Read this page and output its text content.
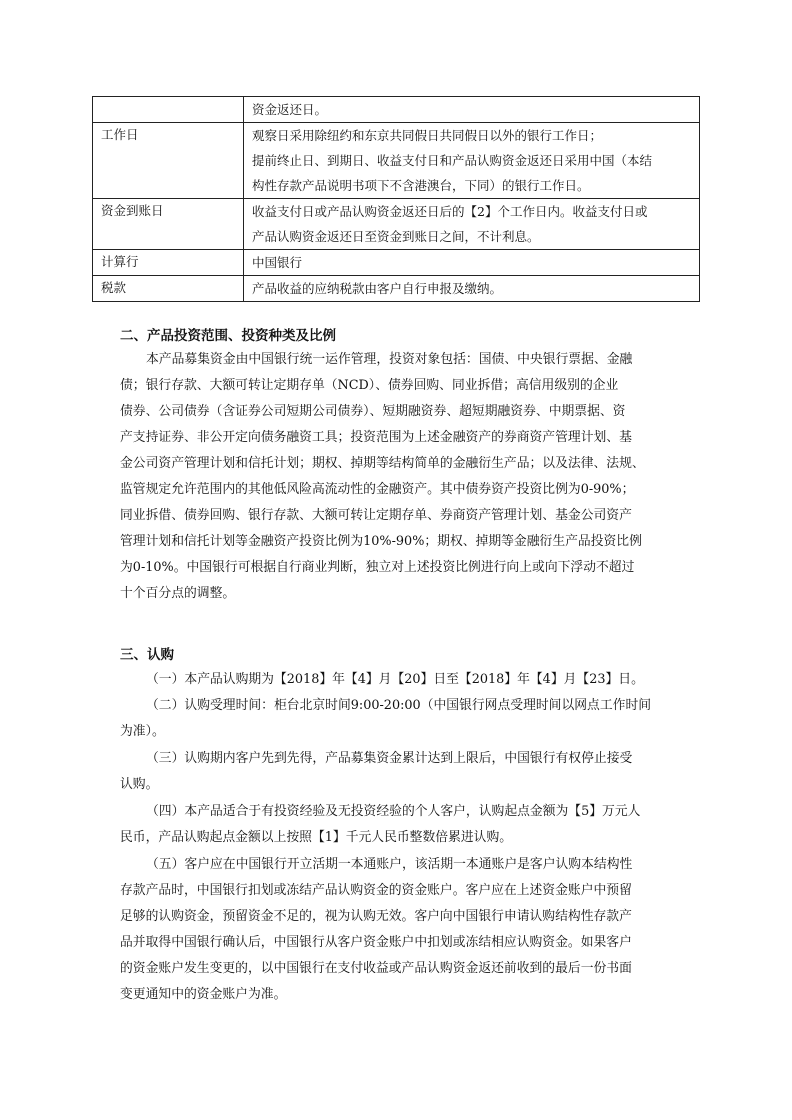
	资金返还日。

工作日	观察日采用除纽约和东京共同假日共同假日以外的银行工作日；
提前终止日、到期日、收益支付日和产品认购资金返还日采用中国（本结
构性存款产品说明书项下不含港澳台，下同）的银行工作日。

资金到账日	收益支付日或产品认购资金返还日后的【2】个工作日内。收益支付日或
产品认购资金返还日至资金到账日之间，不计利息。

计算行	中国银行

税款	产品收益的应纳税款由客户自行申报及缴纳。
二、产品投资范围、投资种类及比例
本产品募集资金由中国银行统一运作管理，投资对象包括：国债、中央银行票据、金融
债；银行存款、大额可转让定期存单（NCD）、债券回购、同业拆借；高信用级别的企业
债券、公司债券（含证券公司短期公司债券）、短期融资券、超短期融资券、中期票据、资
产支持证券、非公开定向债务融资工具；投资范围为上述金融资产的券商资产管理计划、基
金公司资产管理计划和信托计划；期权、掉期等结构简单的金融衍生产品；以及法律、法规、
监管规定允许范围内的其他低风险高流动性的金融资产。其中债券资产投资比例为0-90%；
同业拆借、债券回购、银行存款、大额可转让定期存单、券商资产管理计划、基金公司资产
管理计划和信托计划等金融资产投资比例为10%-90%；期权、掉期等金融衍生产品投资比例
为0-10%。中国银行可根据自行商业判断，独立对上述投资比例进行向上或向下浮动不超过
十个百分点的调整。
三、认购
（一）本产品认购期为【2018】年【4】月【20】日至【2018】年【4】月【23】日。
（二）认购受理时间：柜台北京时间9:00-20:00（中国银行网点受理时间以网点工作时间
为准）。
（三）认购期内客户先到先得，产品募集资金累计达到上限后，中国银行有权停止接受
认购。
（四）本产品适合于有投资经验及无投资经验的个人客户，认购起点金额为【5】万元人
民币，产品认购起点金额以上按照【1】千元人民币整数倍累进认购。
（五）客户应在中国银行开立活期一本通账户，该活期一本通账户是客户认购本结构性
存款产品时，中国银行扣划或冻结产品认购资金的资金账户。客户应在上述资金账户中预留
足够的认购资金，预留资金不足的，视为认购无效。客户向中国银行申请认购结构性存款产
品并取得中国银行确认后，中国银行从客户资金账户中扣划或冻结相应认购资金。如果客户
的资金账户发生变更的，以中国银行在支付收益或产品认购资金返还前收到的最后一份书面
变更通知中的资金账户为准。
